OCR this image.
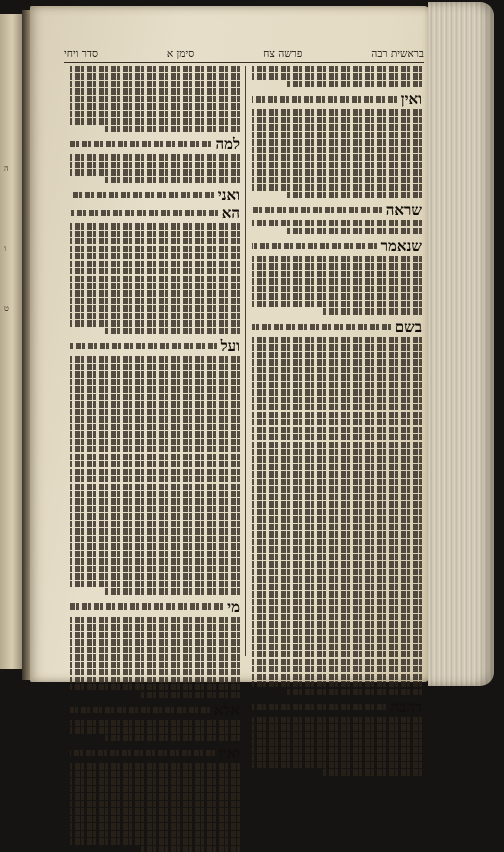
ה
ו
ט
בראשית רבה
פרשה צח
סימן א
סדר ויחי
ואין
שראה
שנאמר
בשם
דהבה
למה
ואני
הא
ועל
מי
אלא
ואין
